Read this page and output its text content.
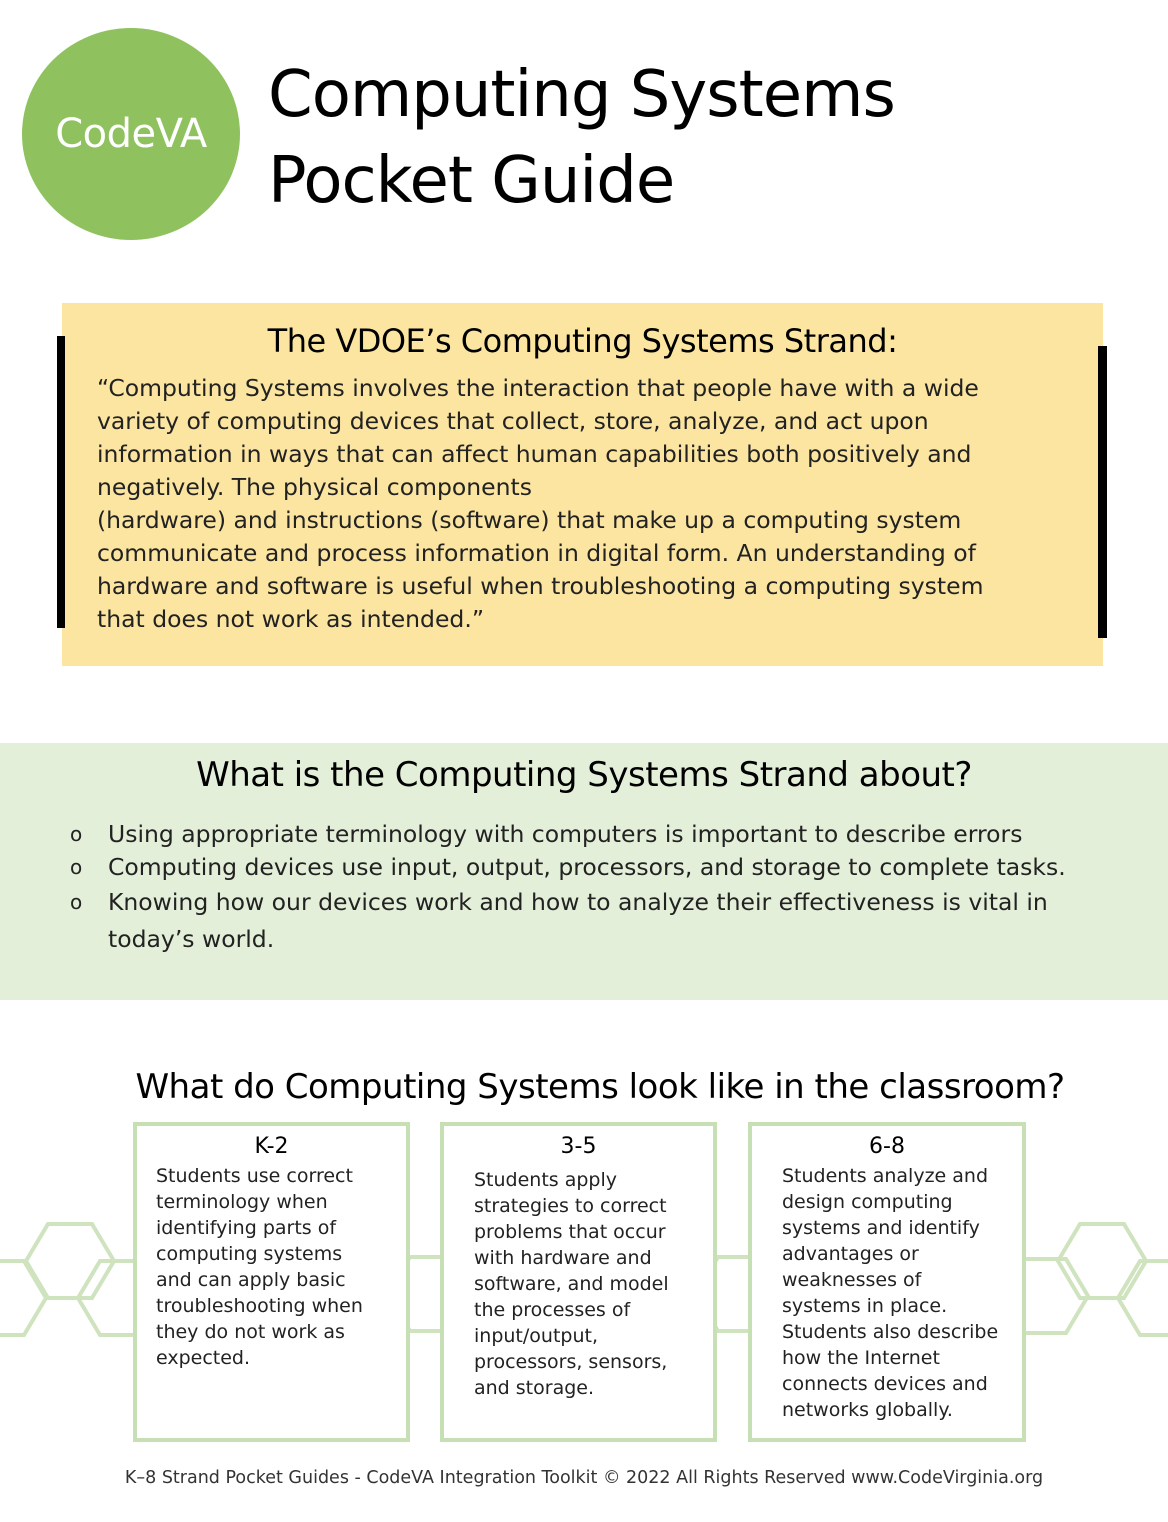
CodeVA
Computing Systems
Pocket Guide
The VDOE’s Computing Systems Strand:
“Computing Systems involves the interaction that people have with a wide
variety of computing devices that collect, store, analyze, and act upon
information in ways that can affect human capabilities both positively and
negatively. The physical components
(hardware) and instructions (software) that make up a computing system
communicate and process information in digital form. An understanding of
hardware and software is useful when troubleshooting a computing system
that does not work as intended.”
What is the Computing Systems Strand about?
o Using appropriate terminology with computers is important to describe errors
o Computing devices use input, output, processors, and storage to complete tasks.
o Knowing how our devices work and how to analyze their effectiveness is vital in today’s world.
What do Computing Systems look like in the classroom?
K-2
Students use correct
terminology when
identifying parts of
computing systems
and can apply basic
troubleshooting when
they do not work as
expected.
3-5
Students apply
strategies to correct
problems that occur
with hardware and
software, and model
the processes of
input/output,
processors, sensors,
and storage.
6-8
Students analyze and
design computing
systems and identify
advantages or
weaknesses of
systems in place.
Students also describe
how the Internet
connects devices and
networks globally.
K–8 Strand Pocket Guides - CodeVA Integration Toolkit © 2022 All Rights Reserved www.CodeVirginia.org
